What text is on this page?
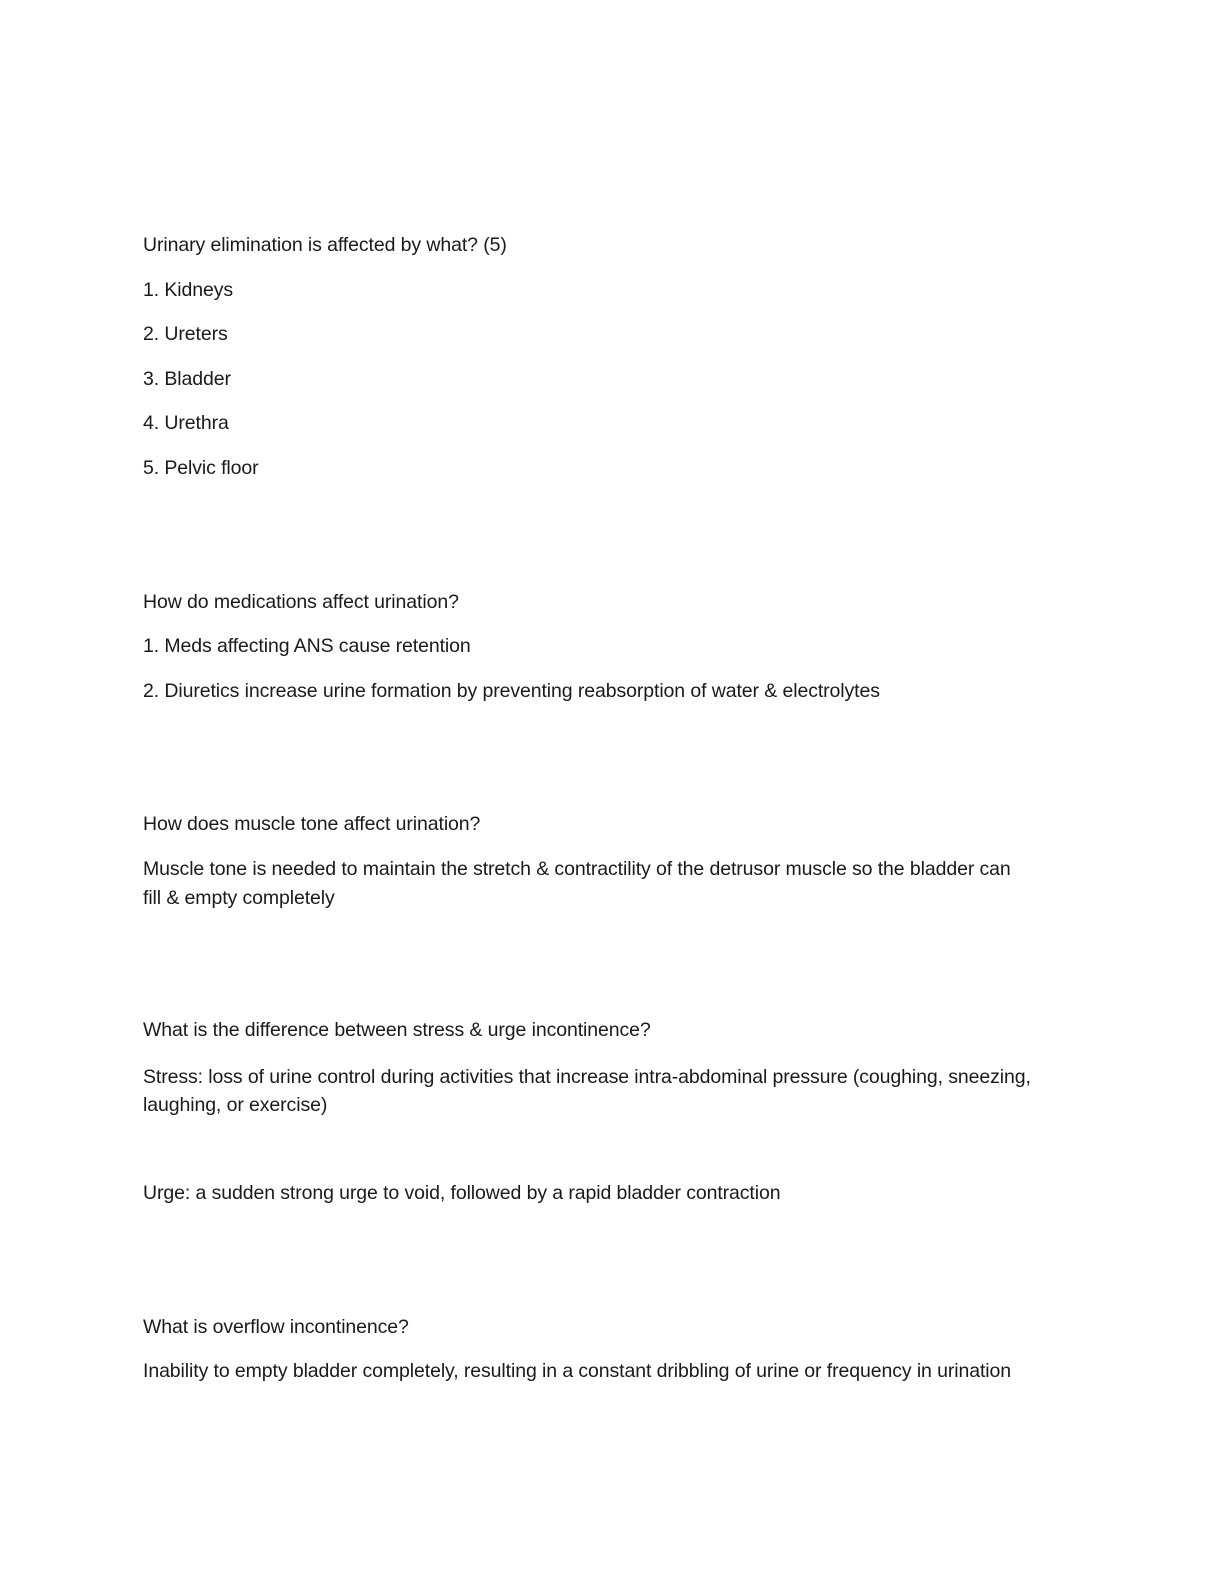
Urinary elimination is affected by what? (5)
1. Kidneys
2. Ureters
3. Bladder
4. Urethra
5. Pelvic floor
How do medications affect urination?
1. Meds affecting ANS cause retention
2. Diuretics increase urine formation by preventing reabsorption of water & electrolytes
How does muscle tone affect urination?
Muscle tone is needed to maintain the stretch & contractility of the detrusor muscle so the bladder can
fill & empty completely
What is the difference between stress & urge incontinence?
Stress: loss of urine control during activities that increase intra-abdominal pressure (coughing, sneezing,
laughing, or exercise)
Urge: a sudden strong urge to void, followed by a rapid bladder contraction
What is overflow incontinence?
Inability to empty bladder completely, resulting in a constant dribbling of urine or frequency in urination
